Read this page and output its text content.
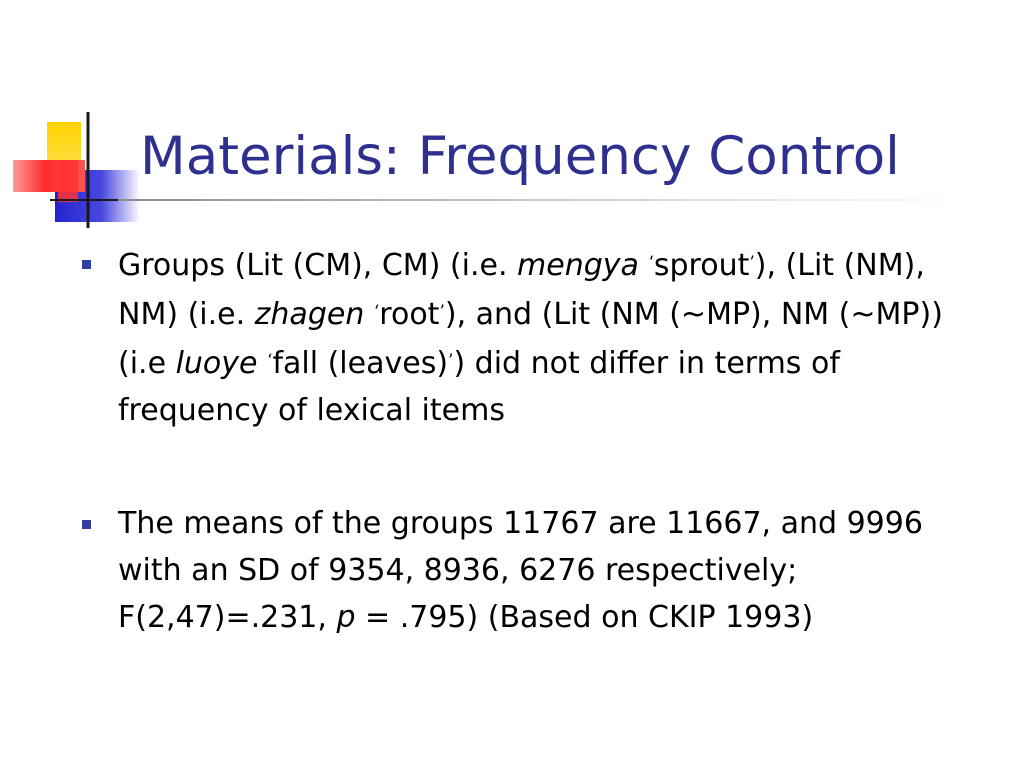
Materials: Frequency Control
Groups (Lit (CM), CM) (i.e. mengya ‘sprout’), (Lit (NM), NM) (i.e. zhagen ‘root’), and (Lit (NM (~MP), NM (~MP)) (i.e luoye ‘fall (leaves)’) did not differ in terms of frequency of lexical items
The means of the groups 11767 are 11667, and 9996 with an SD of 9354, 8936, 6276 respectively; F(2,47)=.231, p = .795) (Based on CKIP 1993)
